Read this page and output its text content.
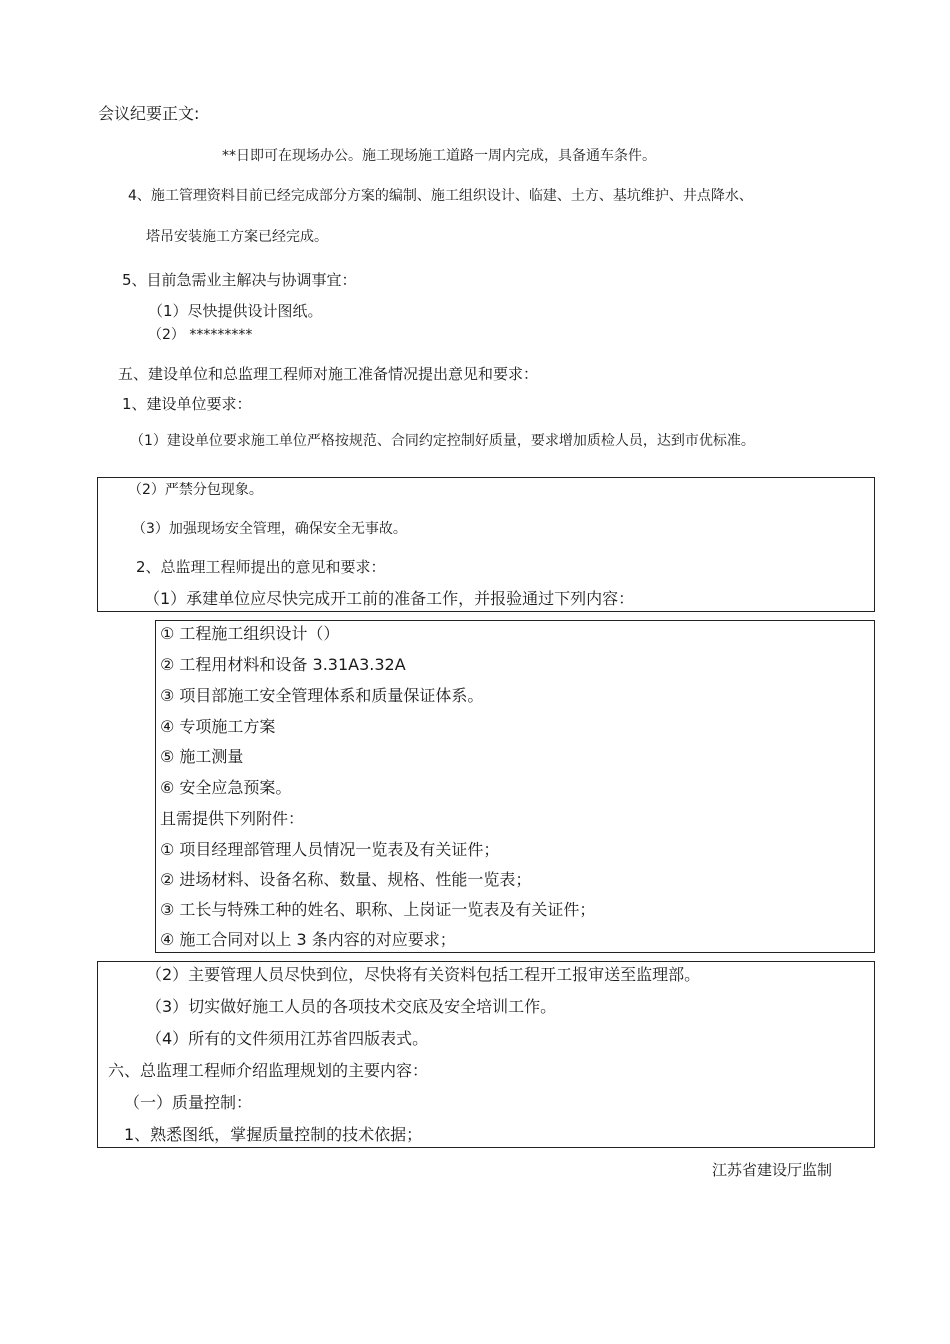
会议纪要正文:
**日即可在现场办公。施工现场施工道路一周内完成，具备通车条件。
4、施工管理资料目前已经完成部分方案的编制、施工组织设计、临建、土方、基坑维护、井点降水、
塔吊安装施工方案已经完成。
5、目前急需业主解决与协调事宜：
（1）尽快提供设计图纸。
（2） *********
五、建设单位和总监理工程师对施工准备情况提出意见和要求：
1、建设单位要求：
（1）建设单位要求施工单位严格按规范、合同约定控制好质量，要求增加质检人员，达到市优标准。
（2）严禁分包现象。
（3）加强现场安全管理，确保安全无事故。
2、总监理工程师提出的意见和要求：
（1）承建单位应尽快完成开工前的准备工作，并报验通过下列内容：
① 工程施工组织设计（）
② 工程用材料和设备 3.31A3.32A
③ 项目部施工安全管理体系和质量保证体系。
④ 专项施工方案
⑤ 施工测量
⑥ 安全应急预案。
且需提供下列附件：
① 项目经理部管理人员情况一览表及有关证件；
② 进场材料、设备名称、数量、规格、性能一览表；
③ 工长与特殊工种的姓名、职称、上岗证一览表及有关证件；
④ 施工合同对以上 3 条内容的对应要求；
（2）主要管理人员尽快到位，尽快将有关资料包括工程开工报审送至监理部。
（3）切实做好施工人员的各项技术交底及安全培训工作。
（4）所有的文件须用江苏省四版表式。
六、总监理工程师介绍监理规划的主要内容：
（一）质量控制：
1、熟悉图纸，掌握质量控制的技术依据；
江苏省建设厅监制
